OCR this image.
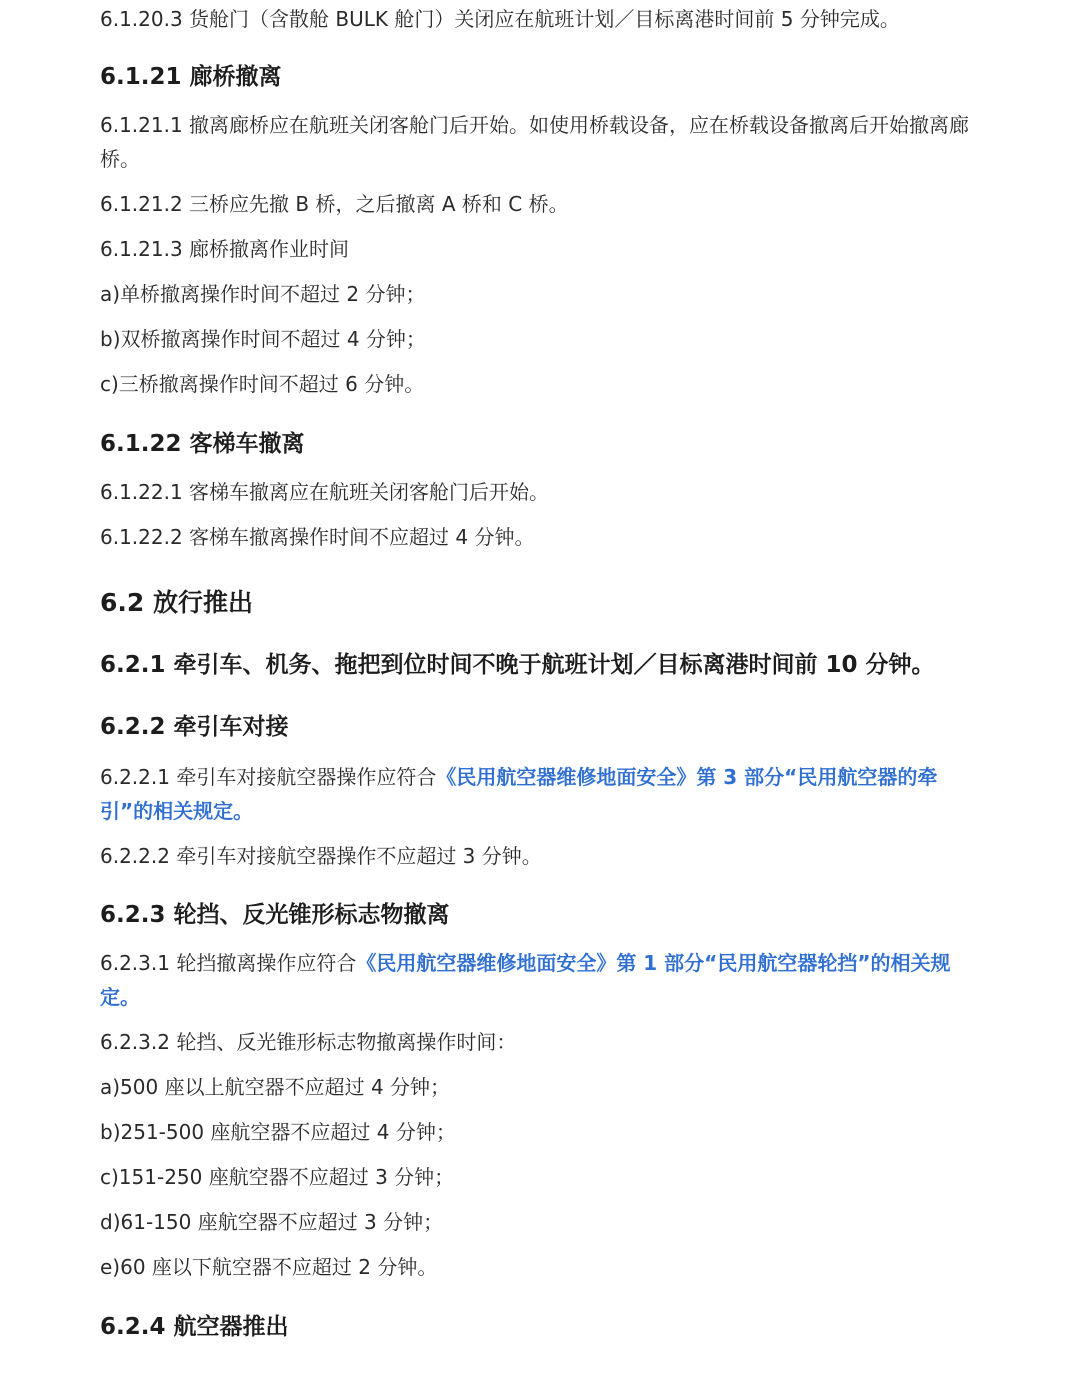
6.1.20.3 货舱门（含散舱 BULK 舱门）关闭应在航班计划／目标离港时间前 5 分钟完成。

6.1.21 廊桥撤离

6.1.21.1 撤离廊桥应在航班关闭客舱门后开始。如使用桥载设备，应在桥载设备撤离后开始撤离廊桥。

6.1.21.2 三桥应先撤 B 桥，之后撤离 A 桥和 C 桥。

6.1.21.3 廊桥撤离作业时间

a)单桥撤离操作时间不超过 2 分钟；

b)双桥撤离操作时间不超过 4 分钟；

c)三桥撤离操作时间不超过 6 分钟。

6.1.22 客梯车撤离

6.1.22.1 客梯车撤离应在航班关闭客舱门后开始。

6.1.22.2 客梯车撤离操作时间不应超过 4 分钟。

6.2 放行推出
6.2.1 牵引车、机务、拖把到位时间不晚于航班计划／目标离港时间前 10 分钟。
6.2.2 牵引车对接

6.2.2.1 牵引车对接航空器操作应符合《民用航空器维修地面安全》第 3 部分“民用航空器的牵引”的相关规定。

6.2.2.2 牵引车对接航空器操作不应超过 3 分钟。

6.2.3 轮挡、反光锥形标志物撤离

6.2.3.1 轮挡撤离操作应符合《民用航空器维修地面安全》第 1 部分“民用航空器轮挡”的相关规定。

6.2.3.2 轮挡、反光锥形标志物撤离操作时间：

a)500 座以上航空器不应超过 4 分钟；

b)251-500 座航空器不应超过 4 分钟；

c)151-250 座航空器不应超过 3 分钟；

d)61-150 座航空器不应超过 3 分钟；

e)60 座以下航空器不应超过 2 分钟。

6.2.4 航空器推出
